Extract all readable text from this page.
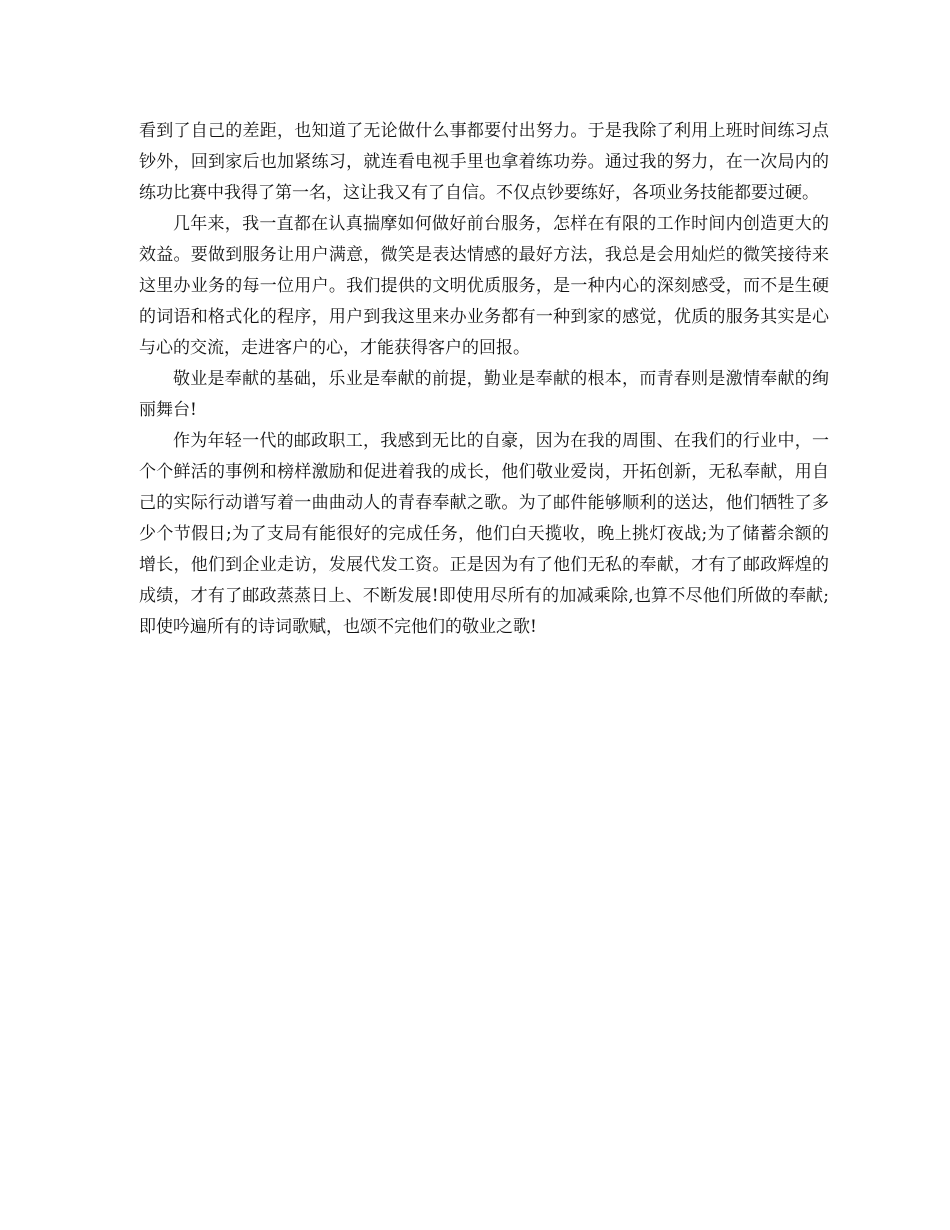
看到了自己的差距，也知道了无论做什么事都要付出努力。于是我除了利用上班时间练习点钞外，回到家后也加紧练习，就连看电视手里也拿着练功券。通过我的努力，在一次局内的练功比赛中我得了第一名，这让我又有了自信。不仅点钞要练好，各项业务技能都要过硬。

几年来，我一直都在认真揣摩如何做好前台服务，怎样在有限的工作时间内创造更大的效益。要做到服务让用户满意，微笑是表达情感的最好方法，我总是会用灿烂的微笑接待来这里办业务的每一位用户。我们提供的文明优质服务，是一种内心的深刻感受，而不是生硬的词语和格式化的程序，用户到我这里来办业务都有一种到家的感觉，优质的服务其实是心与心的交流，走进客户的心，才能获得客户的回报。

敬业是奉献的基础，乐业是奉献的前提，勤业是奉献的根本，而青春则是激情奉献的绚丽舞台!

作为年轻一代的邮政职工，我感到无比的自豪，因为在我的周围、在我们的行业中，一个个鲜活的事例和榜样激励和促进着我的成长，他们敬业爱岗，开拓创新，无私奉献，用自己的实际行动谱写着一曲曲动人的青春奉献之歌。为了邮件能够顺利的送达，他们牺牲了多少个节假日;为了支局有能很好的完成任务，他们白天揽收，晚上挑灯夜战;为了储蓄余额的增长，他们到企业走访，发展代发工资。正是因为有了他们无私的奉献，才有了邮政辉煌的成绩，才有了邮政蒸蒸日上、不断发展!即使用尽所有的加减乘除,也算不尽他们所做的奉献;即使吟遍所有的诗词歌赋，也颂不完他们的敬业之歌!
